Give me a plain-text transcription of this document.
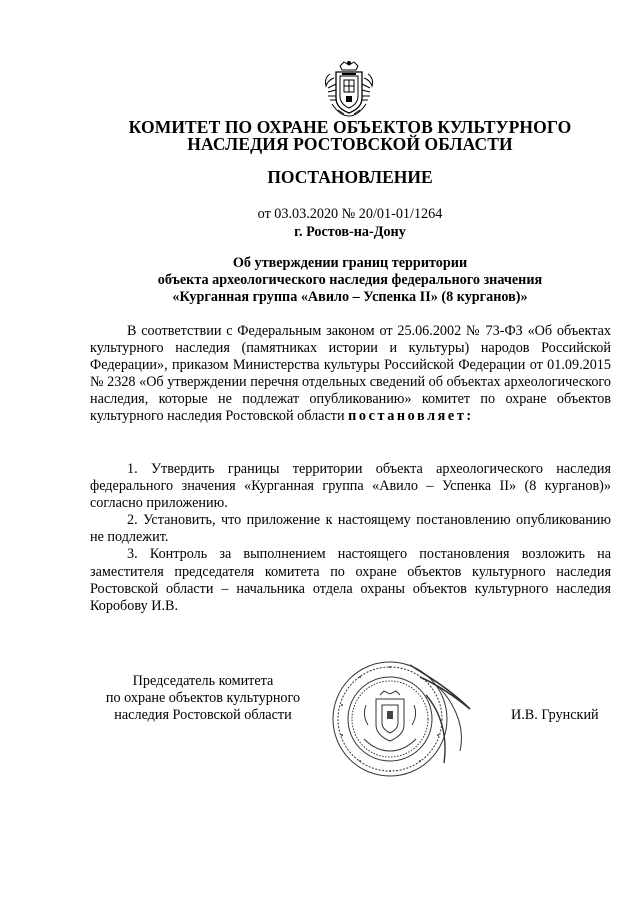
КОМИТЕТ ПО ОХРАНЕ ОБЪЕКТОВ КУЛЬТУРНОГО
НАСЛЕДИЯ РОСТОВСКОЙ ОБЛАСТИ
ПОСТАНОВЛЕНИЕ
от 03.03.2020 № 20/01-01/1264
г. Ростов-на-Дону
Об утверждении границ территории
объекта археологического наследия федерального значения
«Курганная группа «Авило – Успенка II» (8 курганов)»

В соответствии с Федеральным законом от 25.06.2002 № 73-ФЗ «Об объектах культурного наследия (памятниках истории и культуры) народов Российской Федерации», приказом Министерства культуры Российской Федерации от 01.09.2015 № 2328 «Об утверждении перечня отдельных сведений об объектах археологического наследия, которые не подлежат опубликованию» комитет по охране объектов культурного наследия Ростовской области постановляет:

1. Утвердить границы территории объекта археологического наследия федерального значения «Курганная группа «Авило – Успенка II» (8 курганов)» согласно приложению.

2. Установить, что приложение к настоящему постановлению опубликованию не подлежит.

3. Контроль за выполнением настоящего постановления возложить на заместителя председателя комитета по охране объектов культурного наследия Ростовской области – начальника отдела охраны объектов культурного наследия Коробову И.В.

Председатель комитета
по охране объектов культурного
наследия Ростовской области	И.В. Грунский
